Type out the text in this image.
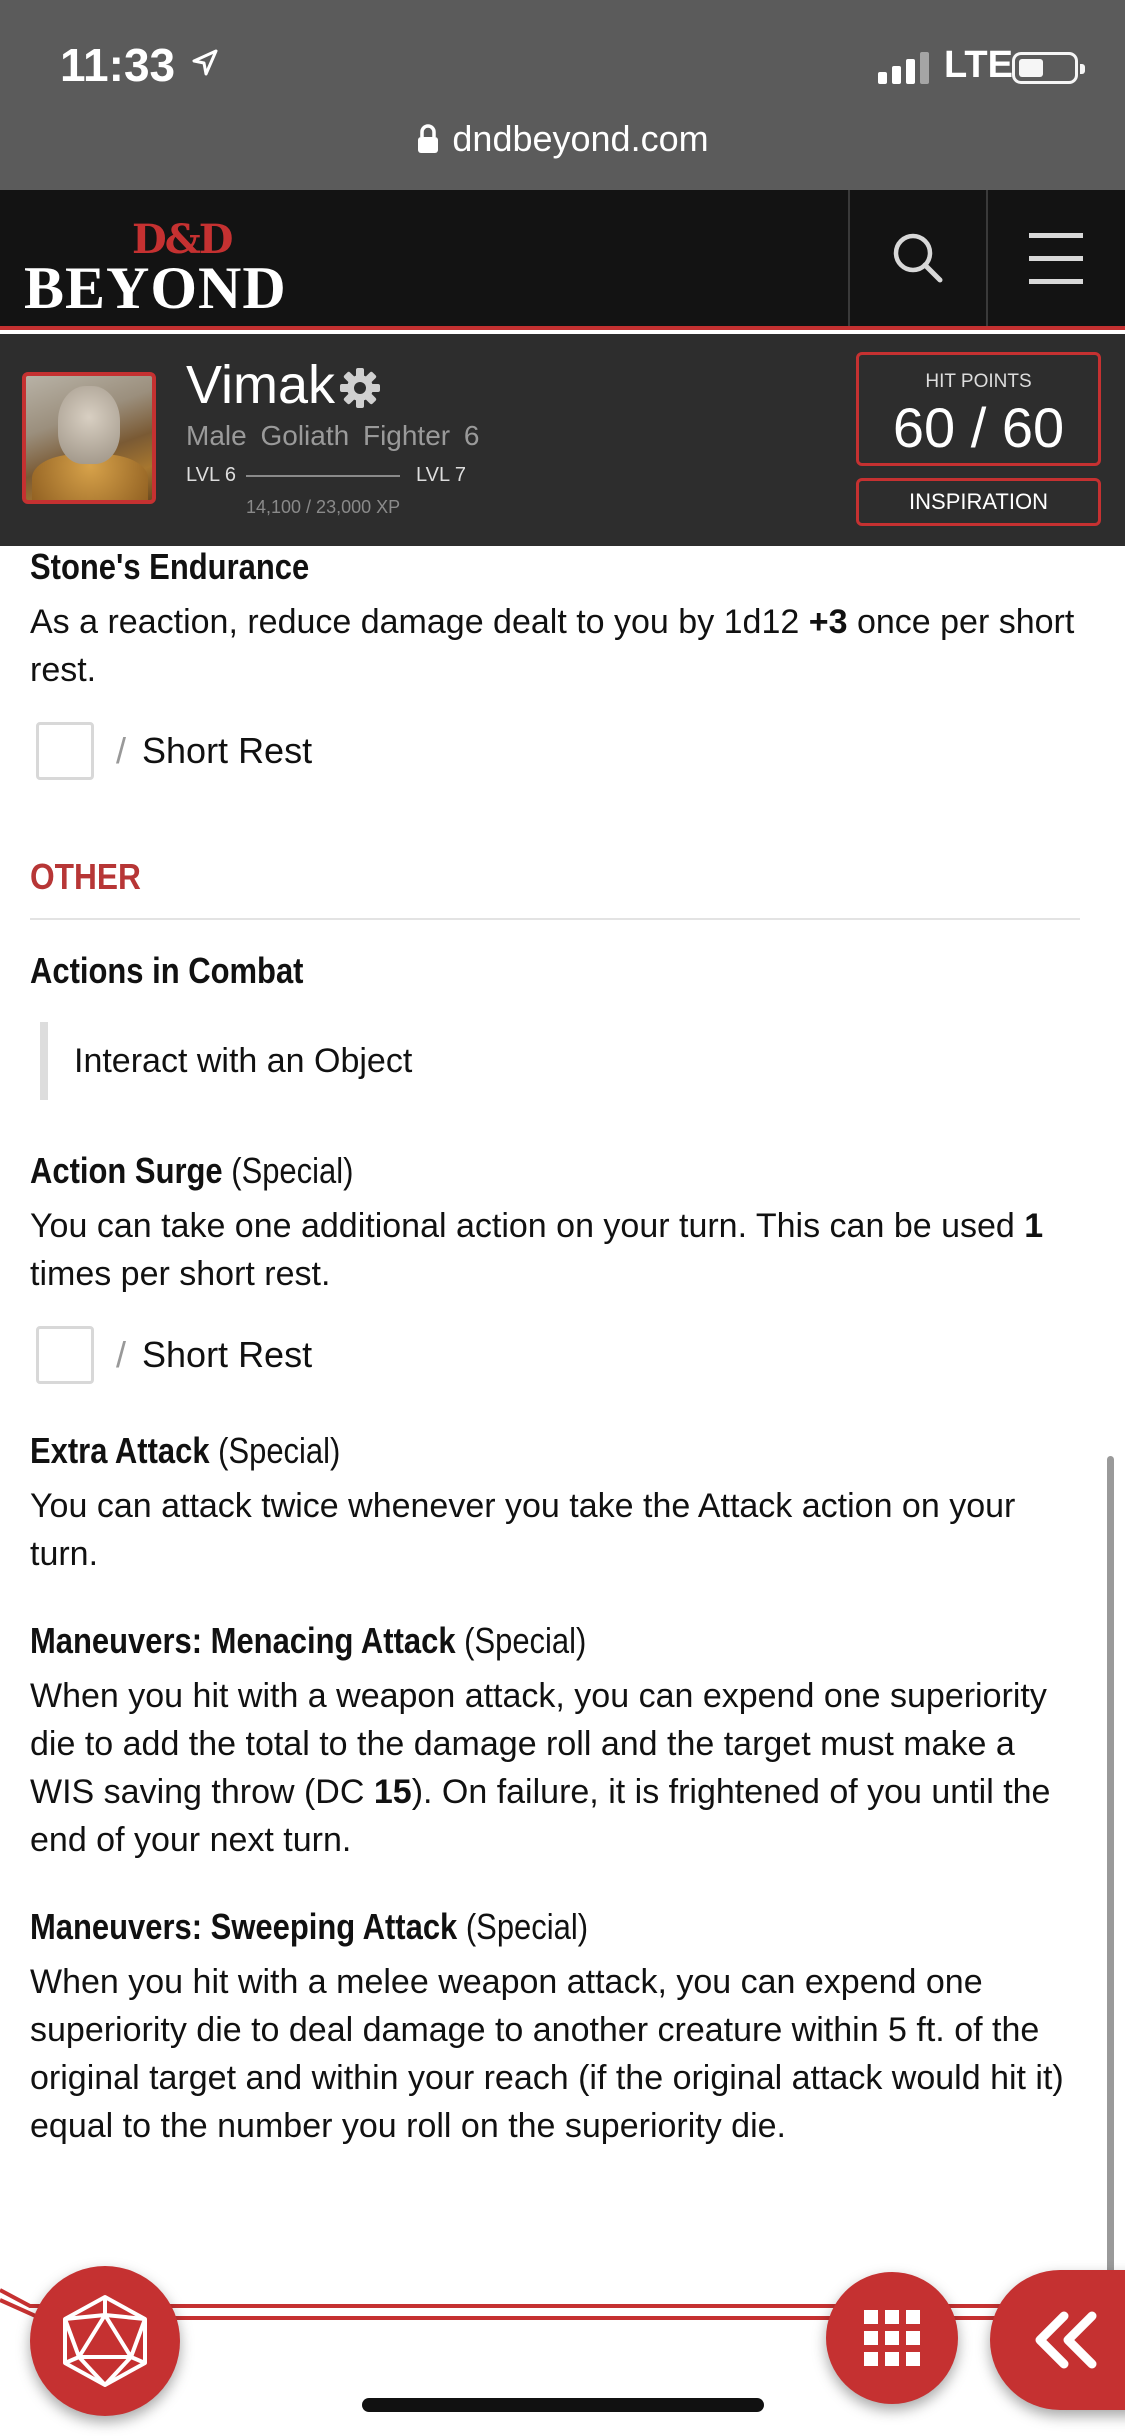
11:33	LTE
dndbeyond.com
D&D
BEYOND
Vimak
Male Goliath Fighter 6
LVL 6	LVL 7
14,100 / 23,000 XP
HIT POINTS
60 / 60
INSPIRATION
Stone's Endurance
As a reaction, reduce damage dealt to you by 1d12 +3 once per short rest.
/ Short Rest
OTHER
Actions in Combat
Interact with an Object
Action Surge (Special)
You can take one additional action on your turn. This can be used 1 times per short rest.
/ Short Rest
Extra Attack (Special)
You can attack twice whenever you take the Attack action on your turn.
Maneuvers: Menacing Attack (Special)
When you hit with a weapon attack, you can expend one superiority die to add the total to the damage roll and the target must make a WIS saving throw (DC 15). On failure, it is frightened of you until the end of your next turn.
Maneuvers: Sweeping Attack (Special)
When you hit with a melee weapon attack, you can expend one superiority die to deal damage to another creature within 5 ft. of the original target and within your reach (if the original attack would hit it) equal to the number you roll on the superiority die.
